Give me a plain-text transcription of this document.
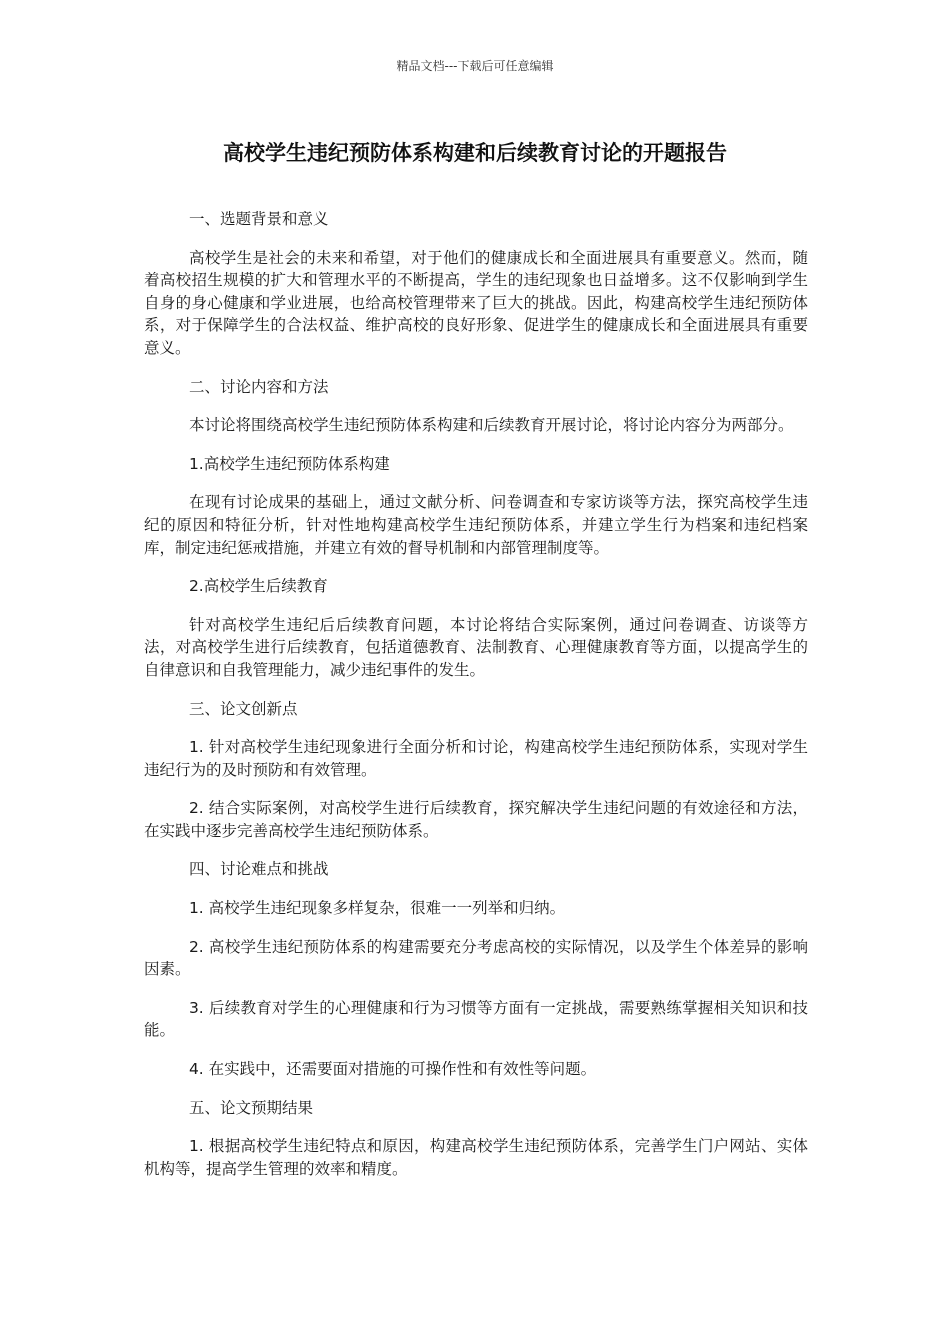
精品文档---下载后可任意编辑
高校学生违纪预防体系构建和后续教育讨论的开题报告

一、选题背景和意义

高校学生是社会的未来和希望，对于他们的健康成长和全面进展具有重要意义。然而，随着高校招生规模的扩大和管理水平的不断提高，学生的违纪现象也日益增多。这不仅影响到学生自身的身心健康和学业进展，也给高校管理带来了巨大的挑战。因此，构建高校学生违纪预防体系，对于保障学生的合法权益、维护高校的良好形象、促进学生的健康成长和全面进展具有重要意义。

二、讨论内容和方法

本讨论将围绕高校学生违纪预防体系构建和后续教育开展讨论，将讨论内容分为两部分。

1.高校学生违纪预防体系构建

在现有讨论成果的基础上，通过文献分析、问卷调查和专家访谈等方法，探究高校学生违纪的原因和特征分析，针对性地构建高校学生违纪预防体系，并建立学生行为档案和违纪档案库，制定违纪惩戒措施，并建立有效的督导机制和内部管理制度等。

2.高校学生后续教育

针对高校学生违纪后后续教育问题，本讨论将结合实际案例，通过问卷调查、访谈等方法，对高校学生进行后续教育，包括道德教育、法制教育、心理健康教育等方面，以提高学生的自律意识和自我管理能力，减少违纪事件的发生。

三、论文创新点

1. 针对高校学生违纪现象进行全面分析和讨论，构建高校学生违纪预防体系，实现对学生违纪行为的及时预防和有效管理。

2. 结合实际案例，对高校学生进行后续教育，探究解决学生违纪问题的有效途径和方法，在实践中逐步完善高校学生违纪预防体系。

四、讨论难点和挑战

1. 高校学生违纪现象多样复杂，很难一一列举和归纳。

2. 高校学生违纪预防体系的构建需要充分考虑高校的实际情况，以及学生个体差异的影响因素。

3. 后续教育对学生的心理健康和行为习惯等方面有一定挑战，需要熟练掌握相关知识和技能。

4. 在实践中，还需要面对措施的可操作性和有效性等问题。

五、论文预期结果

1. 根据高校学生违纪特点和原因，构建高校学生违纪预防体系，完善学生门户网站、实体机构等，提高学生管理的效率和精度。
